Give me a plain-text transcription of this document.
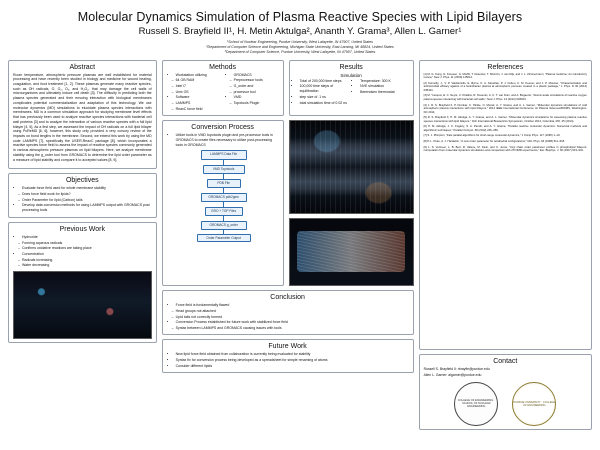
Molecular Dynamics Simulation of Plasma Reactive Species with Lipid Bilayers
Russell S. Brayfield II¹, H. Metin Aktulga², Ananth Y. Grama³, Allen L. Garner¹
¹School of Nuclear Engineering, Purdue University, West Lafayette, IN 47907, United States
²Department of Computer Science and Engineering, Michigan State University, East Lansing, MI 48824, United States
³Department of Computer Science, Purdue University, West Lafayette, IN 47907, United States
Abstract

Room temperature, atmospheric pressure plasmas are well established for material processing and have recently been studied in biology and medicine for wound healing, coagulation, and food treatment [1, 2]. These plasmas generate many reactive species, such as OH radicals, O, O₂, O₃, and H₂O₂, that may damage the cell walls of microorganisms and ultimately induce cell death [3]. The difficulty in predicting both the plasma species generated and their ensuing interaction with biological membranes complicates potential commercialization and adaptation of this technology. We use molecular dynamics (MD) simulations to elucidate plasma species interactions with membranes. MD is a common simulation approach for studying membrane level effects that has previously been used to analyze reactive species interactions with bacterial cell wall proteins [3] and to analyze the interaction of various reactive species with a full lipid bilayer [4, 5]. As a first step, we assessed the impact of OH radicals on a full lipid bilayer using PuReMD [6, 6]; however, this study only provided a very cursory review of the impacts on bond lengths in the membrane. Second, we extend this work by using the MD code LAMMPS [7], specifically the USER-ReaxC package [8], which incorporates a reactive species force field to assess the impact of reactive species commonly generated in various atmospheric pressure plasmas on lipid bilayers. Here, we analyze membrane stability using the g_order tool from GROMACS to determine the lipid order parameter as a measure of lipid stability and compare it to accepted values [8, 9].

Objectives
• Evaluate force field used for whole membrane stability
– Does force field work for lipids?
– Order Parameter for lipid (Carbon) tails
• Develop data conversion methods for using LAMMPS output with GROMACS post processing tools
Previous Work
• Hydroxide
– Forming aqueous radicals
– Confirms oxidative reactions are taking place
• Concentration
– Radicals increasing
– Water decreasing
Methods
• Workstation utilizing
– 64 GB RAM
– Intel i7
– Unix OS
• Software
– LAMMPS
– ReaxC force field
• GROMACS
– Preprocessor tools
– G_order and
– processor tool
• VMD
– Topotools Plugin
Results
Simulation
• Total of 200,000 time steps
• 100,000 time steps of equilibration
• step size of .1 ns
• total simulation time of 0.02 ns
• Temperature: 300 K
• NVE simulation
• Berendsen thermostat
Conversion Process
• Utilize tools in VMD topotools plugin and pre-processor tools in GROMACS to create files necessary to utilize post-processing tools in GROMACS
LAMMPS Data File
VMD Topotools
PDB File
GROMACS pdb2gmx
GRO + TOP Files
GROMACS g_order
Order Parameter Output
Conclusion
• Force field is fundamentally flawed
– Head groups not attached
– Lipid tails not correctly formed
• Conversion Process established for future work with stabilized force field
– Syntax between LAMMPS and GROMACS causing issues with tools
Future Work
• New lipid force field obtained from collaboration is currently being evaluated for stability
• Syntax fix for conversion process being developed as a spreadsheet for simple renaming of atoms
• Consider different lipids
References

[1] M. G. Kong, G. Kroesen, G. Morfill, T. Nosenko, T. Shimizu, J. van Dijk, and J. L. Zimmermann, "Plasma medicine: An introductory review," New J. Phys. 11 (2009) 115012.

[2] Connolly, J., V. P. Valdramidis, E. Byrne, K. A. Karatzas, P. J. Cullen, K. M. Keener, and J. P. Mosnier, "Characterization and antimicrobial efficacy against of a helicobacter plasma at atmospheric pressure created in a plastic package," J. Phys. D 46 (2013) 035401.

[3] M. Yusupov, E. C. Neyts, U. Khalilov, R. Snoeckx, A. C. T. van Duin, and A. Bogaerts, "Atomic-scale simulations of reactive oxygen plasma species interacting with bacterial cell walls," New J. Phys. 14 (2012) 093043.

[4] J. R. S. Brayfield II, P. Dronkar, K. Hinkle, O. Murad, A. Y. Grama, and A. L. Garner, "Molecular dynamics simulations of cold atmospheric plasma interactions with lipid bilayers," 2014 IEEE International Conference on Plasma Sciences/BIOMS, Washington, DC 2014.

[5] R. S. Brayfield II, H. M. Aktulga, A. Y. Grama, and A. L. Garner, "Molecular dynamics simulations for assessing plasma reactive species interactions with lipid bilayers," 11th International Bioelectrics Symposium, October 2014, Columbia, MO, 25 (2014).

[6] H. M. Aktulga, J. C. Fogarty, S. A. Pandit, and A. Y. Grama, "Parallel reactive molecular dynamics: Numerical methods and algorithmic techniques," Parallel Comput. 38 (2012) 245–259.

[7] S. J. Plimpton, "Fast parallel algorithms for short-range molecular dynamics," J Comp Phys. 117 (1995) 1–19.

[8] P-L. Chau, A. J. Hardwick, "A new order parameter for tetrahedral configurations," Mol. Phys. 93 (1998) 511–518.

[9] L. S. Vermeer, L. B. Bert, R. Valene, M. Klein, and C. Jerca, "Acyl chain order parameter profiles in phospholipid bilayers: computation from molecular dynamics simulations and comparison with 2H NMR experiments," Eur. Biophys. J. 36 (2007) 919–931.

Contact
Russell S. Brayfield II: rbrayfie@purdue.edu
Allen L. Garner: algarner@purdue.edu
COLLEGE OF ENGINEERING · SCHOOL OF NUCLEAR ENGINEERING
PURDUE UNIVERSITY · COLLEGE OF ENGINEERING
